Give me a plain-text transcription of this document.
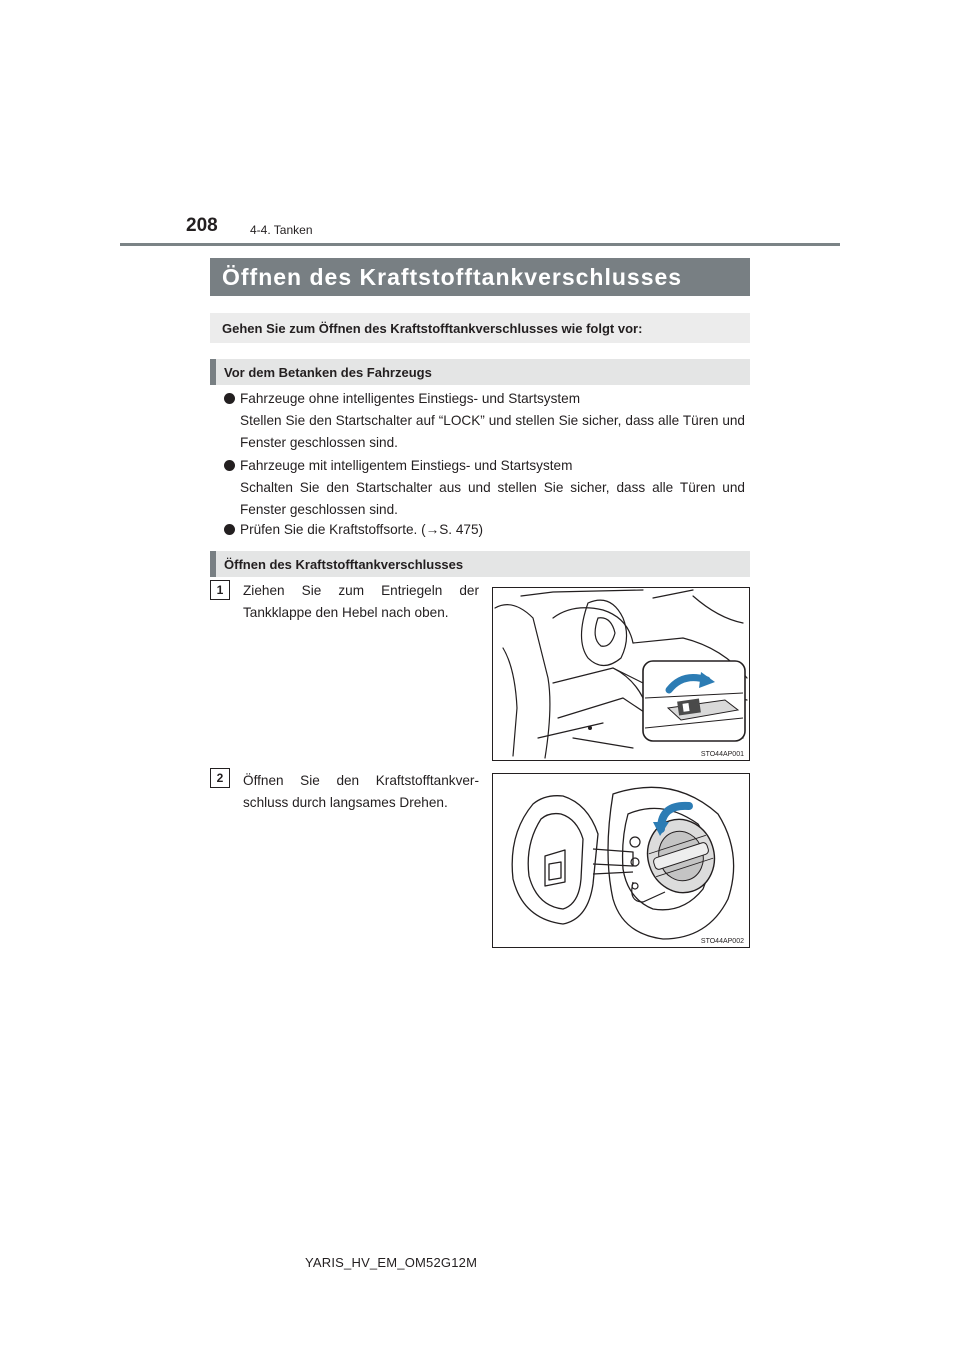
208	4-4. Tanken
Öffnen des Kraftstofftankverschlusses
Gehen Sie zum Öffnen des Kraftstofftankverschlusses wie folgt vor:
Vor dem Betanken des Fahrzeugs

Fahrzeuge ohne intelligentes Einstiegs- und Startsystem

Stellen Sie den Startschalter auf “LOCK” und stellen Sie sicher, dass alle Türen und Fenster geschlossen sind.

Fahrzeuge mit intelligentem Einstiegs- und Startsystem

Schalten Sie den Startschalter aus und stellen Sie sicher, dass alle Türen und Fenster geschlossen sind.

Prüfen Sie die Kraftstoffsorte. (→S. 475)

Öffnen des Kraftstofftankverschlusses
1	Ziehen Sie zum Entriegeln der Tankklappe den Hebel nach oben.
STO44AP001
2	Öffnen Sie den Kraftstofftankver-schluss durch langsames Drehen.
STO44AP002
YARIS_HV_EM_OM52G12M
